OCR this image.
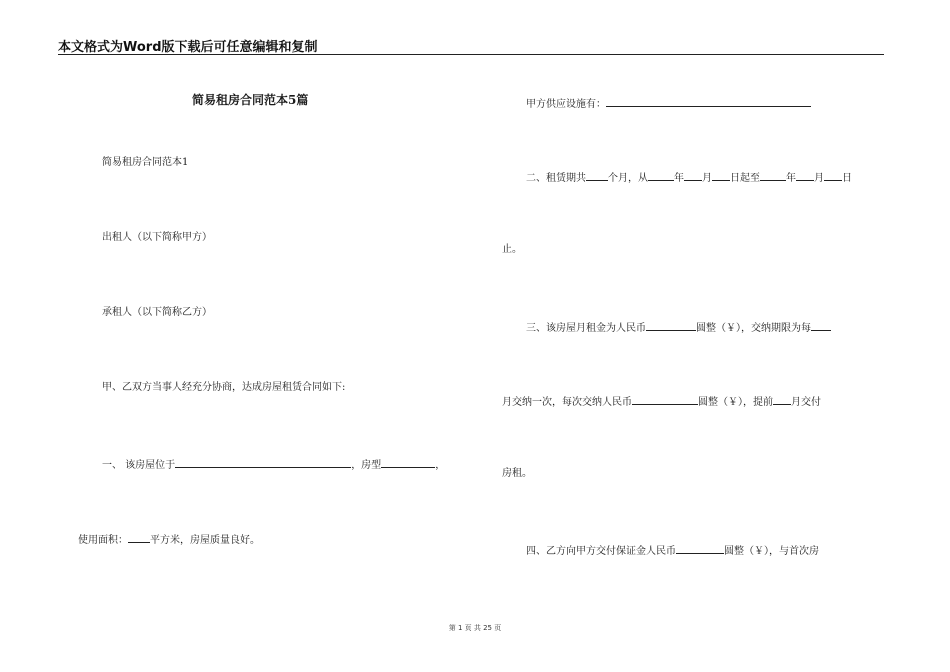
本文格式为Word版下载后可任意编辑和复制
简易租房合同范本5篇
简易租房合同范本1
出租人（以下简称甲方）
承租人（以下简称乙方）
甲、乙双方当事人经充分协商，达成房屋租赁合同如下:
一、 该房屋位于	，房型	，
使用面积： 平方米，房屋质量良好。
甲方供应设施有：
二、租赁期共 个月，从	年 月 日起至	年 月 日
止。
三、该房屋月租金为人民币	圆整（￥），交纳期限为每
月交纳一次，每次交纳人民币	圆整（￥），提前 月交付
房租。
四、乙方向甲方交付保证金人民币	圆整（￥），与首次房
第 1 页 共 25 页
